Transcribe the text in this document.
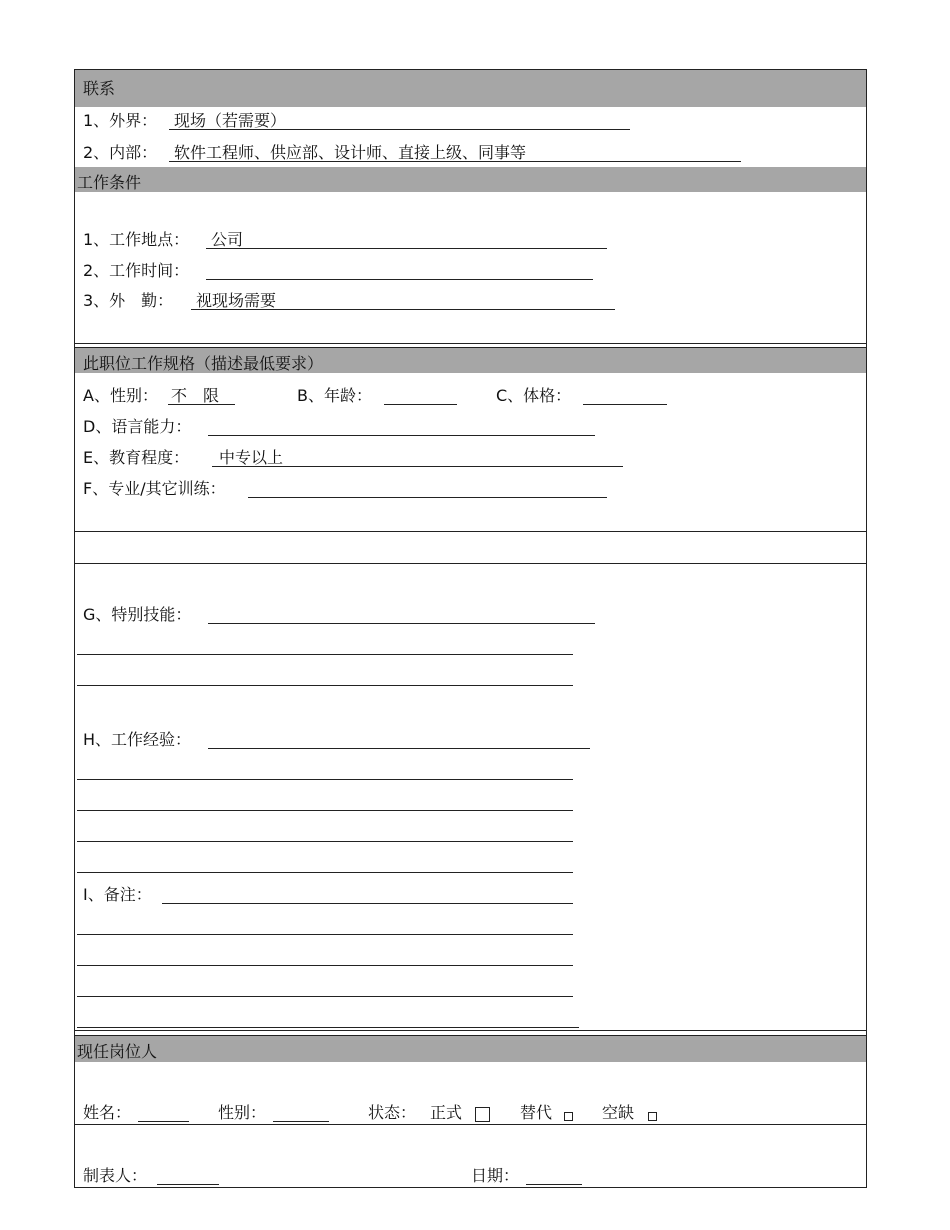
联系
1、外界： 现场（若需要）
2、内部： 软件工程师、供应部、设计师、直接上级、同事等
工作条件
1、工作地点： 公司
2、工作时间：
3、外　勤： 视现场需要
此职位工作规格（描述最低要求）
A、性别： 不　限	B、年龄：	C、体格：
D、语言能力：
E、教育程度： 中专以上
F、专业/其它训练：
G、特别技能：
H、工作经验：
I、备注：
现任岗位人
姓名：	性别：	状态： 正式	替代	空缺
制表人：	日期：
